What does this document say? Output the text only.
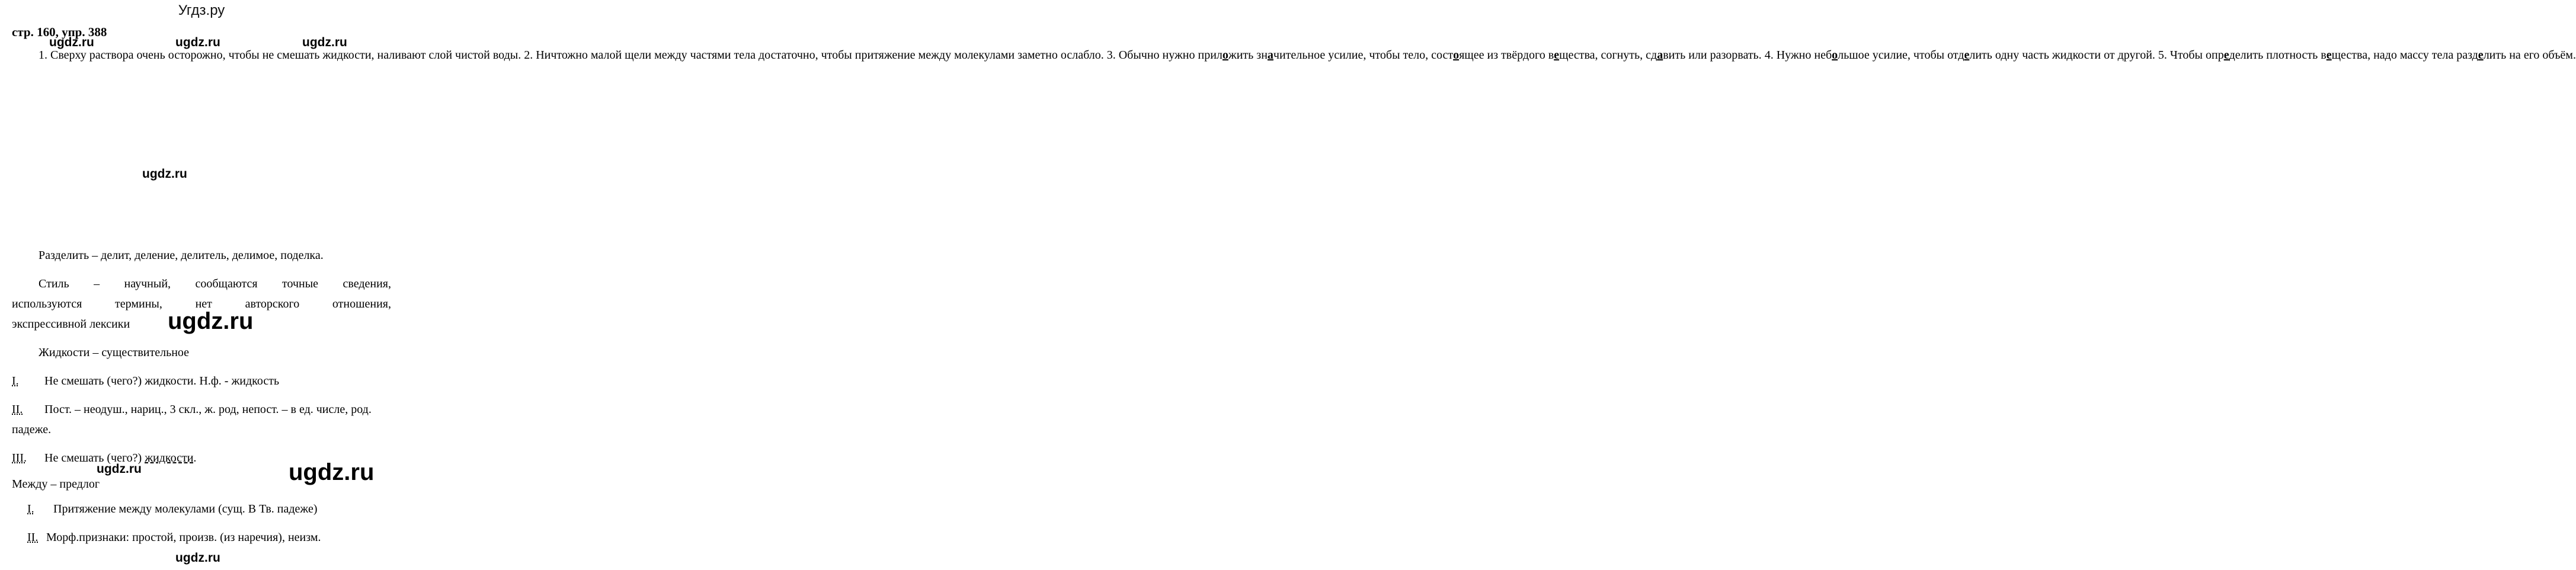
Угдз.ру
стр. 160, упр. 388
ugdz.ru	ugdz.ru	ugdz.ru
ugdz.ru
ugdz.ru
ugdz.ru	ugdz.ru
ugdz.ru
1. Сверху раствора очень осторожно, чтобы не смешать жидкости, наливают слой чистой воды. 2. Ничтожно малой щели между частями тела достаточно, чтобы притяжение между молекулами заметно ослабло. 3. Обычно нужно приложить значительное усилие, чтобы тело, состоящее из твёрдого вещества, согнуть, сдавить или разорвать. 4. Нужно небольшое усилие, чтобы отделить одну часть жидкости от другой. 5. Чтобы определить плотность вещества, надо массу тела разделить на его объём.
Разделить – делит, деление, делитель, делимое, поделка.
Стиль – научный, сообщаются точные сведения,
используются термины, нет авторского отношения,
экспрессивной лексики
Жидкости – существительное
I. Не смешать (чего?) жидкости. Н.ф. - жидкость
II. Пост. – неодуш., нариц., 3 скл., ж. род, непост. – в ед. числе, род.
падеже.
III. Не смешать (чего?) жидкости.
Между – предлог
I. Притяжение между молекулами (сущ. В Тв. падеже)
II. Морф.признаки: простой, произв. (из наречия), неизм.
